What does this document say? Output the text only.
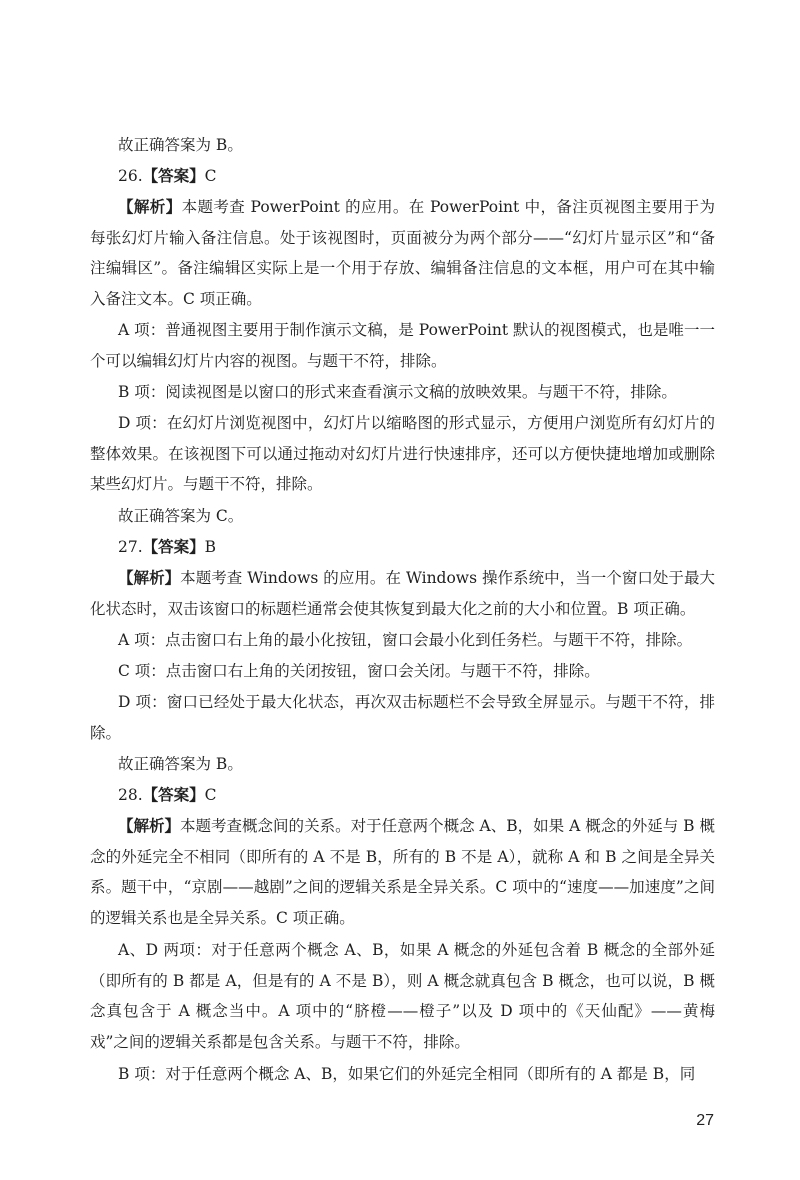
故正确答案为 B。

26.【答案】C

【解析】本题考查 PowerPoint 的应用。在 PowerPoint 中，备注页视图主要用于为每张幻灯片输入备注信息。处于该视图时，页面被分为两个部分——“幻灯片显示区”和“备注编辑区”。备注编辑区实际上是一个用于存放、编辑备注信息的文本框，用户可在其中输入备注文本。C 项正确。

A 项：普通视图主要用于制作演示文稿，是 PowerPoint 默认的视图模式，也是唯一一个可以编辑幻灯片内容的视图。与题干不符，排除。

B 项：阅读视图是以窗口的形式来查看演示文稿的放映效果。与题干不符，排除。

D 项：在幻灯片浏览视图中，幻灯片以缩略图的形式显示，方便用户浏览所有幻灯片的整体效果。在该视图下可以通过拖动对幻灯片进行快速排序，还可以方便快捷地增加或删除某些幻灯片。与题干不符，排除。

故正确答案为 C。

27.【答案】B

【解析】本题考查 Windows 的应用。在 Windows 操作系统中，当一个窗口处于最大化状态时，双击该窗口的标题栏通常会使其恢复到最大化之前的大小和位置。B 项正确。

A 项：点击窗口右上角的最小化按钮，窗口会最小化到任务栏。与题干不符，排除。

C 项：点击窗口右上角的关闭按钮，窗口会关闭。与题干不符，排除。

D 项：窗口已经处于最大化状态，再次双击标题栏不会导致全屏显示。与题干不符，排除。

故正确答案为 B。

28.【答案】C

【解析】本题考查概念间的关系。对于任意两个概念 A、B，如果 A 概念的外延与 B 概念的外延完全不相同（即所有的 A 不是 B，所有的 B 不是 A），就称 A 和 B 之间是全异关系。题干中，“京剧——越剧”之间的逻辑关系是全异关系。C 项中的“速度——加速度”之间的逻辑关系也是全异关系。C 项正确。

A、D 两项：对于任意两个概念 A、B，如果 A 概念的外延包含着 B 概念的全部外延（即所有的 B 都是 A，但是有的 A 不是 B），则 A 概念就真包含 B 概念，也可以说，B 概念真包含于 A 概念当中。A 项中的“脐橙——橙子”以及 D 项中的《天仙配》——黄梅戏”之间的逻辑关系都是包含关系。与题干不符，排除。

B 项：对于任意两个概念 A、B，如果它们的外延完全相同（即所有的 A 都是 B，同

27
